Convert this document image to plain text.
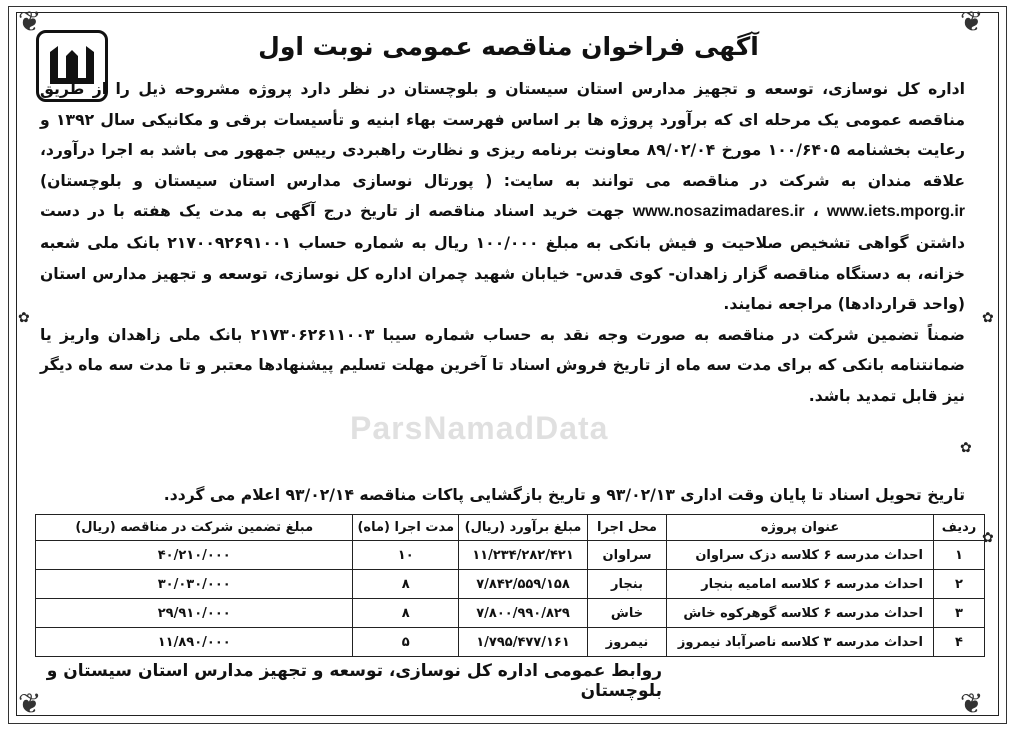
❦	❦
❦	❦
✿	✿
✿
✿
آگهی فراخوان مناقصه عمومی نوبت اول
ParsNamadData

اداره کل نوسازی، توسعه و تجهیز مدارس استان سیستان و بلوچستان در نظر دارد پروژه مشروحه ذیل را از طریق مناقصه عمومی یک مرحله ای که برآورد پروژه ها بر اساس فهرست بهاء ابنیه و تأسیسات برقی و مکانیکی سال ۱۳۹۲ و رعایت بخشنامه ۱۰۰/۶۴۰۵ مورخ ۸۹/۰۲/۰۴ معاونت برنامه ریزی و نظارت راهبردی رییس جمهور می باشد به اجرا درآورد، علاقه مندان به شرکت در مناقصه می توانند به سایت: ( پورتال نوسازی مدارس استان سیستان و بلوچستان) www.nosazimadares.ir ، www.iets.mporg.ir جهت خرید اسناد مناقصه از تاریخ درج آگهی به مدت یک هفته با در دست داشتن گواهی تشخیص صلاحیت و فیش بانکی به مبلغ ۱۰۰/۰۰۰ ریال به شماره حساب ۲۱۷۰۰۹۲۶۹۱۰۰۱ بانک ملی شعبه خزانه، به دستگاه مناقصه گزار زاهدان- کوی قدس- خیابان شهید چمران اداره کل نوسازی، توسعه و تجهیز مدارس استان (واحد قراردادها) مراجعه نمایند.

ضمناً تضمین شرکت در مناقصه به صورت وجه نقد به حساب شماره سیبا ۲۱۷۳۰۶۲۶۱۱۰۰۳ بانک ملی زاهدان واریز یا ضمانتنامه بانکی که برای مدت سه ماه از تاریخ فروش اسناد تا آخرین مهلت تسلیم پیشنهادها معتبر و تا مدت سه ماه دیگر نیز قابل تمدید باشد.

تاریخ تحویل اسناد تا پایان وقت اداری ۹۳/۰۲/۱۳ و تاریخ بازگشایی پاکات مناقصه ۹۳/۰۲/۱۴ اعلام می گردد.
ردیف	عنوان پروژه	محل اجرا	مبلغ برآورد (ریال)	مدت اجرا (ماه)	مبلغ تضمین شرکت در مناقصه (ریال)
۱	احداث مدرسه ۶ کلاسه دزک سراوان	سراوان	۱۱/۲۳۴/۲۸۲/۴۲۱	۱۰	۴۰/۲۱۰/۰۰۰
۲	احداث مدرسه ۶ کلاسه امامیه بنجار	بنجار	۷/۸۴۲/۵۵۹/۱۵۸	۸	۳۰/۰۳۰/۰۰۰
۳	احداث مدرسه ۶ کلاسه گوهرکوه خاش	خاش	۷/۸۰۰/۹۹۰/۸۲۹	۸	۲۹/۹۱۰/۰۰۰
۴	احداث مدرسه ۳ کلاسه ناصرآباد نیمروز	نیمروز	۱/۷۹۵/۴۷۷/۱۶۱	۵	۱۱/۸۹۰/۰۰۰
روابط عمومی اداره کل نوسازی، توسعه و تجهیز مدارس استان سیستان و بلوچستان
